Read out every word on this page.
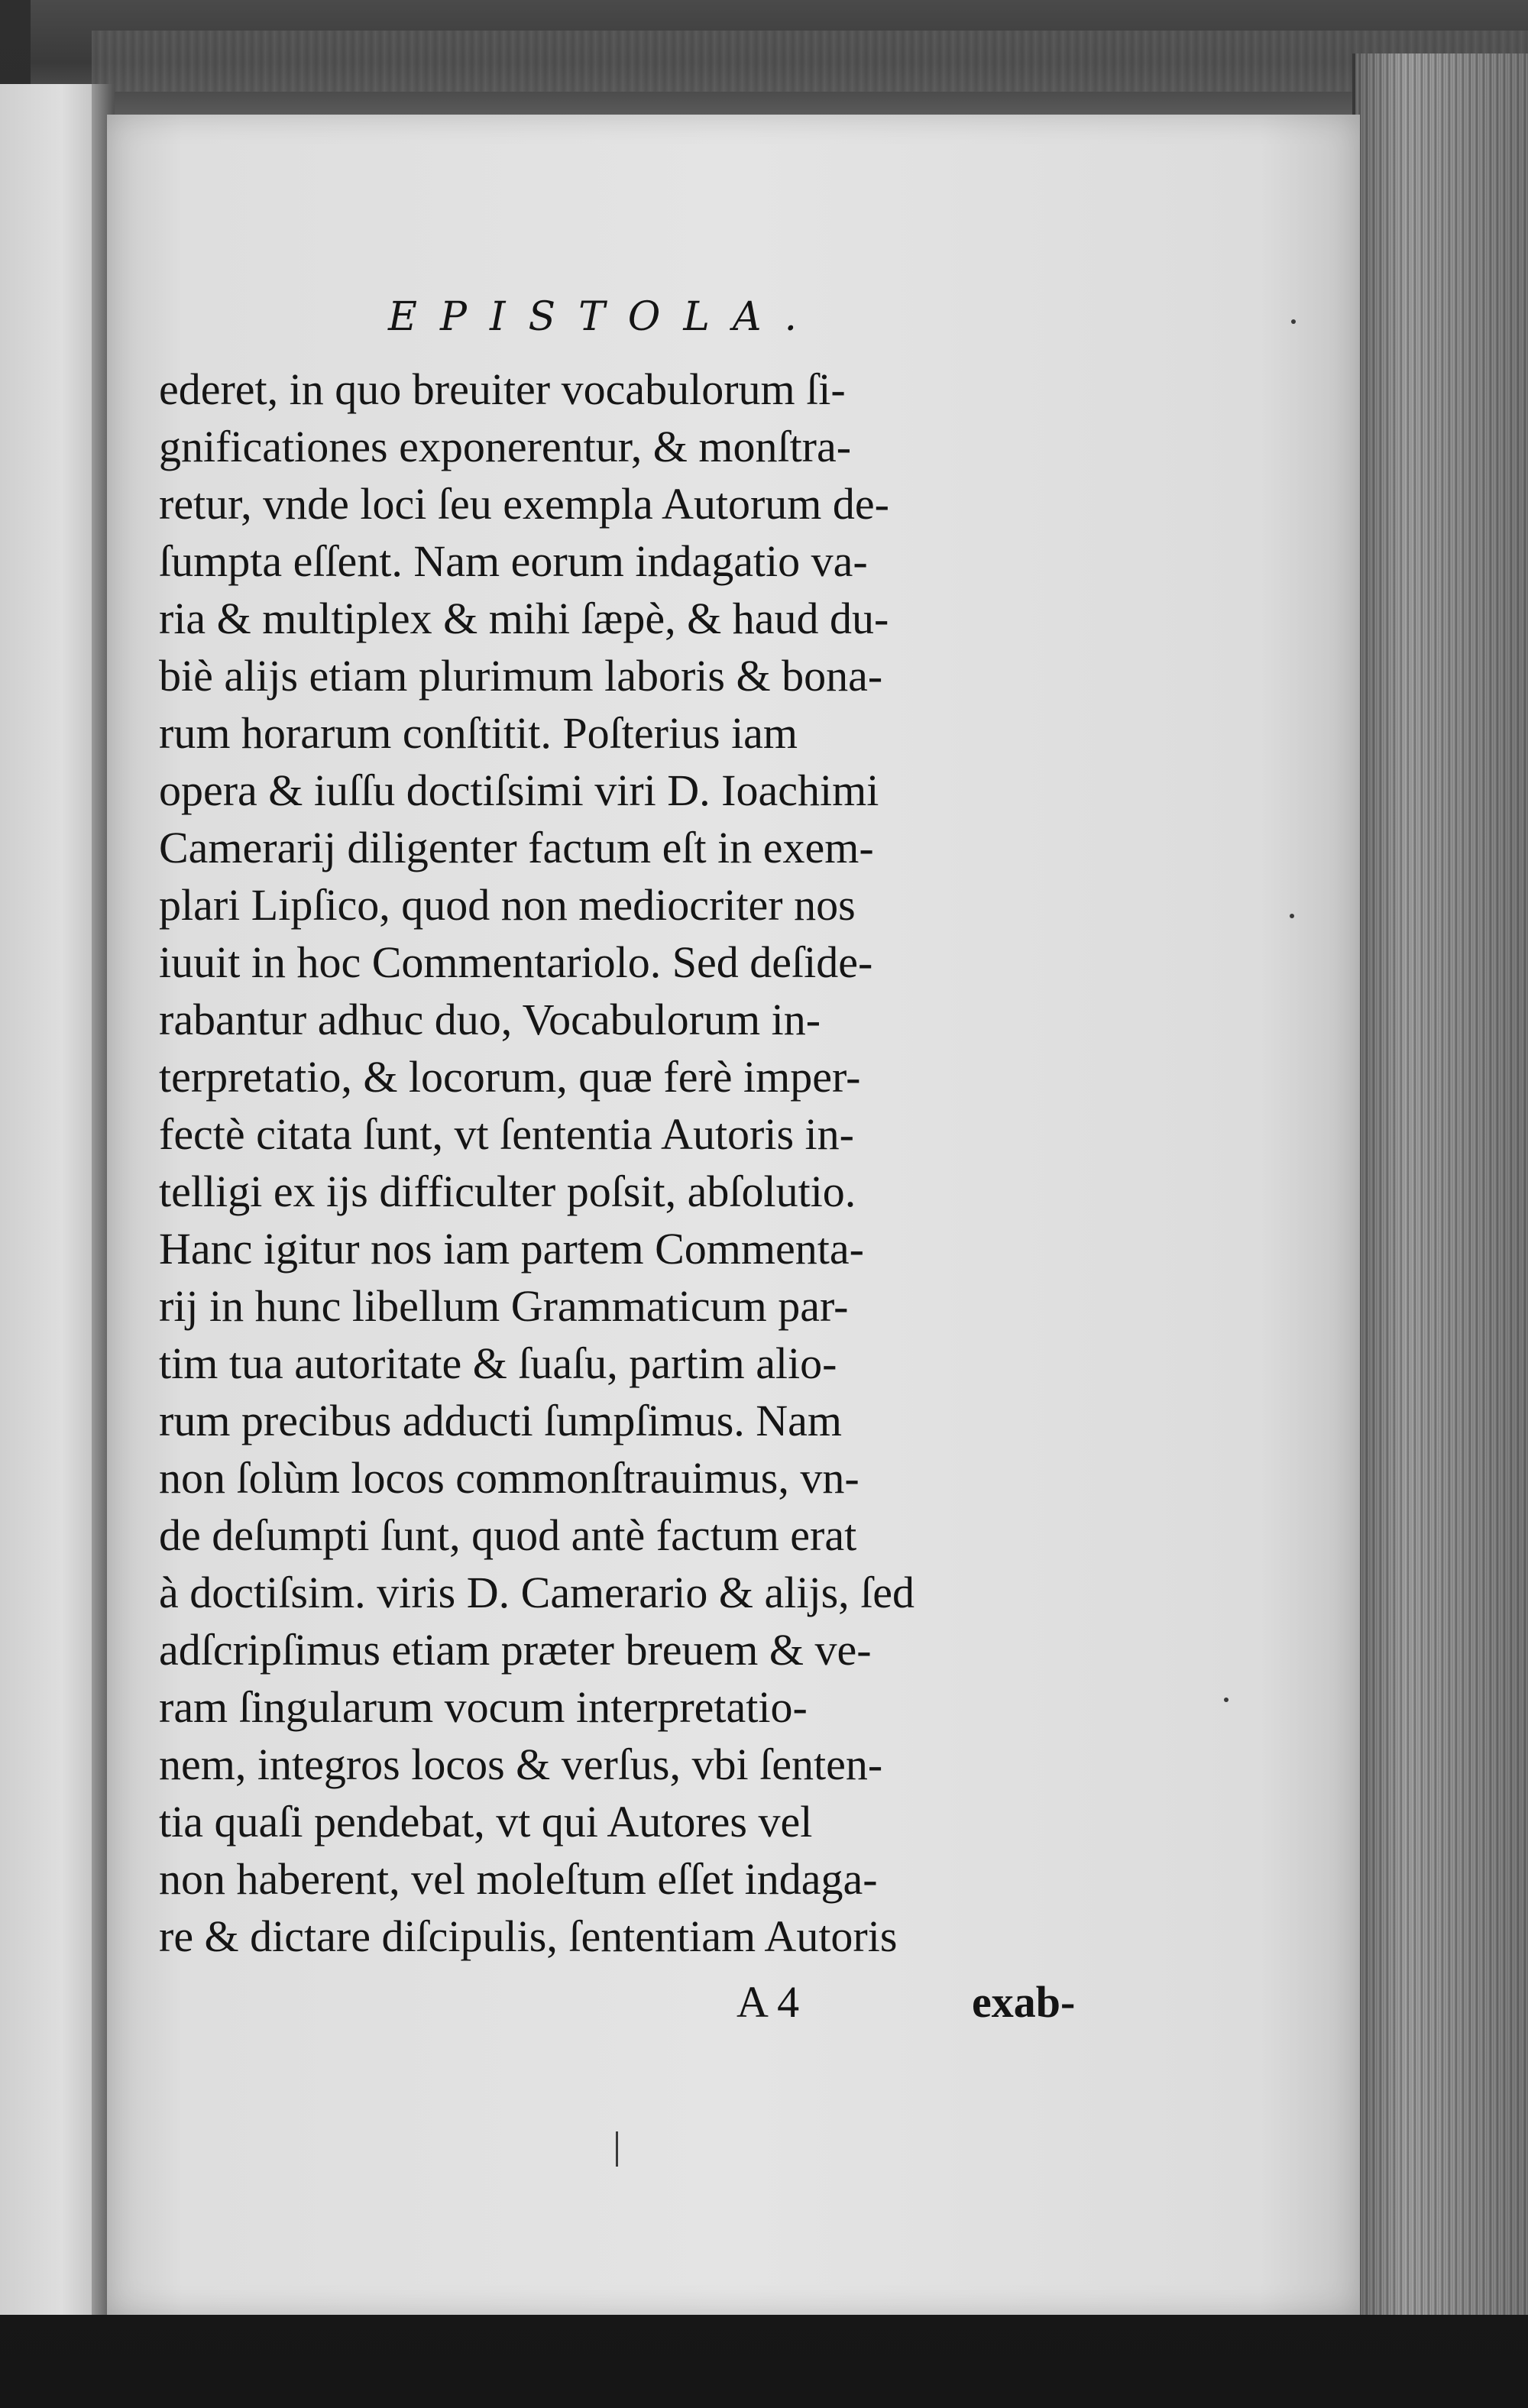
EPISTOLA.
ederet, in quo breuiter vocabulorum ſi-
gnificationes exponerentur, & monſtra-
retur, vnde loci ſeu exempla Autorum de-
ſumpta eſſent. Nam eorum indagatio va-
ria & multiplex & mihi ſæpè, & haud du-
biè alijs etiam plurimum laboris & bona-
rum horarum conſtitit. Poſterius iam
opera & iuſſu doctiſsimi viri D. Ioachimi
Camerarij diligenter factum eſt in exem-
plari Lipſico, quod non mediocriter nos
iuuit in hoc Commentariolo. Sed deſide-
rabantur adhuc duo, Vocabulorum in-
terpretatio, & locorum, quæ ferè imper-
fectè citata ſunt, vt ſententia Autoris in-
telligi ex ijs difficulter poſsit, abſolutio.
Hanc igitur nos iam partem Commenta-
rij in hunc libellum Grammaticum par-
tim tua autoritate & ſuaſu, partim alio-
rum precibus adducti ſumpſimus. Nam
non ſolùm locos commonſtrauimus, vn-
de deſumpti ſunt, quod antè factum erat
à doctiſsim. viris D. Camerario & alijs, ſed
adſcripſimus etiam præter breuem & ve-
ram ſingularum vocum interpretatio-
nem, integros locos & verſus, vbi ſenten-
tia quaſi pendebat, vt qui Autores vel
non haberent, vel moleſtum eſſet indaga-
re & dictare diſcipulis, ſententiam Autoris
A 4	exab-
